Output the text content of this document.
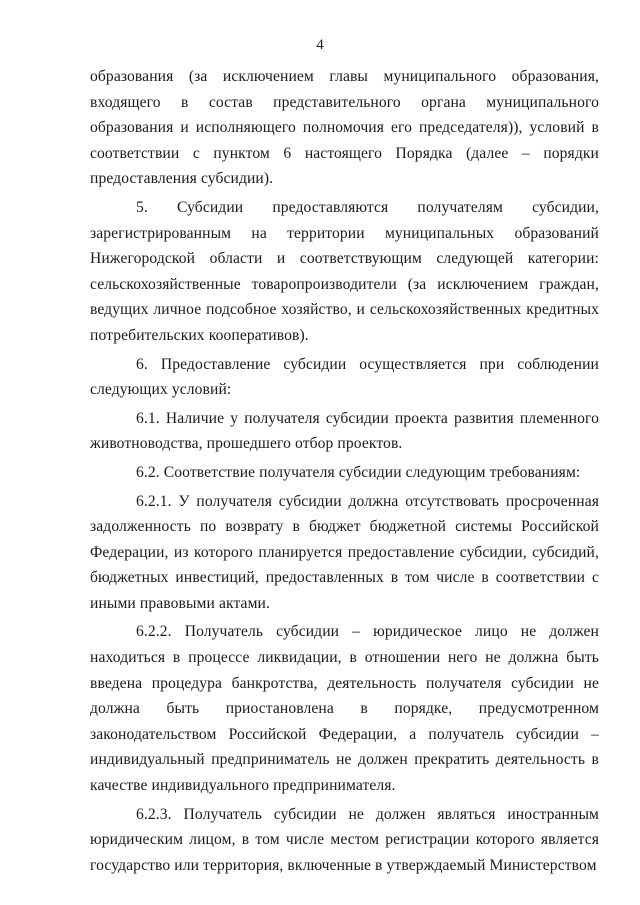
4

образования (за исключением главы муниципального образования, входящего в состав представительного органа муниципального образования и исполняющего полномочия его председателя)), условий в соответствии с пунктом 6 настоящего Порядка (далее – порядки предоставления субсидии).

5. Субсидии предоставляются получателям субсидии, зарегистрированным на территории муниципальных образований Нижегородской области и соответствующим следующей категории: сельскохозяйственные товаропроизводители (за исключением граждан, ведущих личное подсобное хозяйство, и сельскохозяйственных кредитных потребительских кооперативов).

6. Предоставление субсидии осуществляется при соблюдении следующих условий:

6.1. Наличие у получателя субсидии проекта развития племенного животноводства, прошедшего отбор проектов.

6.2. Соответствие получателя субсидии следующим требованиям:

6.2.1. У получателя субсидии должна отсутствовать просроченная задолженность по возврату в бюджет бюджетной системы Российской Федерации, из которого планируется предоставление субсидии, субсидий, бюджетных инвестиций, предоставленных в том числе в соответствии с иными правовыми актами.

6.2.2. Получатель субсидии – юридическое лицо не должен находиться в процессе ликвидации, в отношении него не должна быть введена процедура банкротства, деятельность получателя субсидии не должна быть приостановлена в порядке, предусмотренном законодательством Российской Федерации, а получатель субсидии – индивидуальный предприниматель не должен прекратить деятельность в качестве индивидуального предпринимателя.

6.2.3. Получатель субсидии не должен являться иностранным юридическим лицом, в том числе местом регистрации которого является государство или территория, включенные в утверждаемый Министерством
